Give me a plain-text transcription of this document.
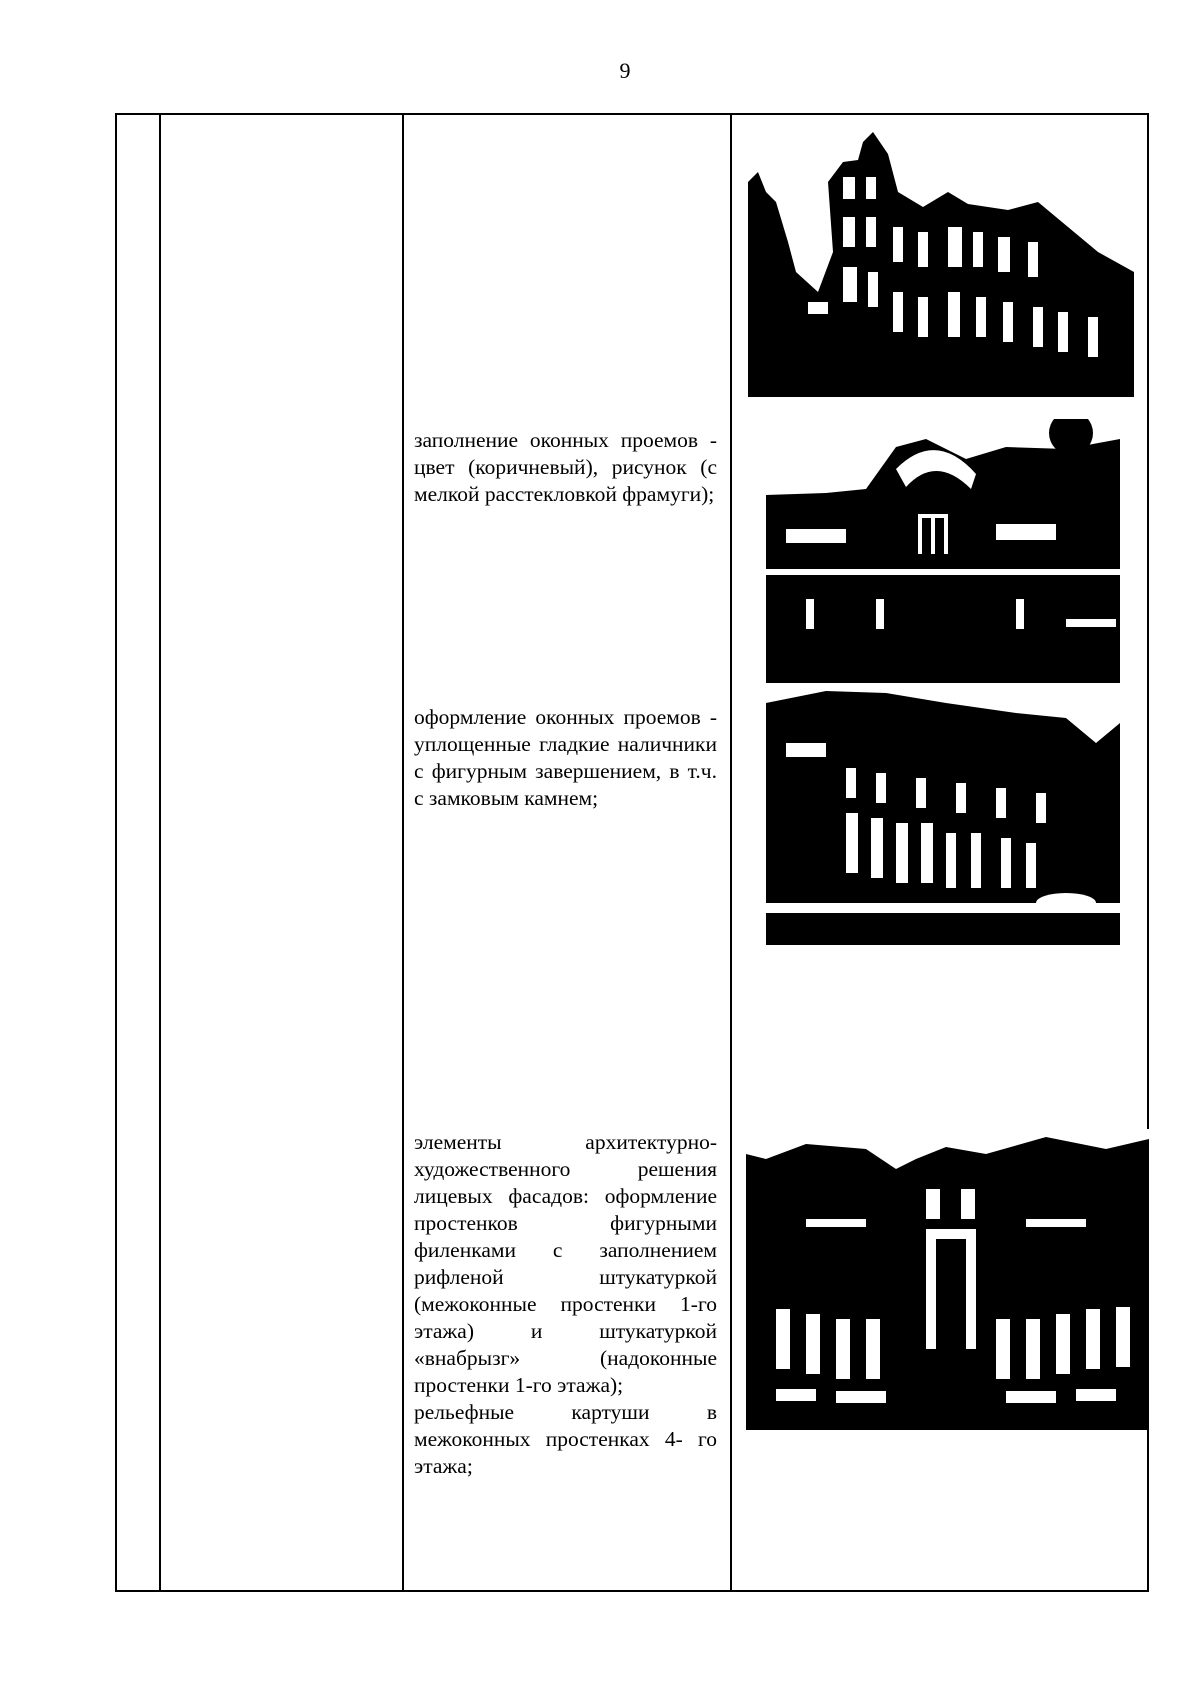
9

заполнение оконных проемов - цвет (коричневый), рисунок (с мелкой расстекловкой фрамуги);

оформление оконных проемов - уплощенные гладкие наличники с фигурным завершением, в т.ч. с замковым камнем;

элементы архитектурно-художественного решения лицевых фасадов: оформление простенков фигурными филенками с заполнением рифленой штукатуркой (межоконные простенки 1-го этажа) и штукатуркой «внабрызг» (надоконные простенки 1-го этажа);

рельефные картуши в межоконных простенках 4- го этажа;
